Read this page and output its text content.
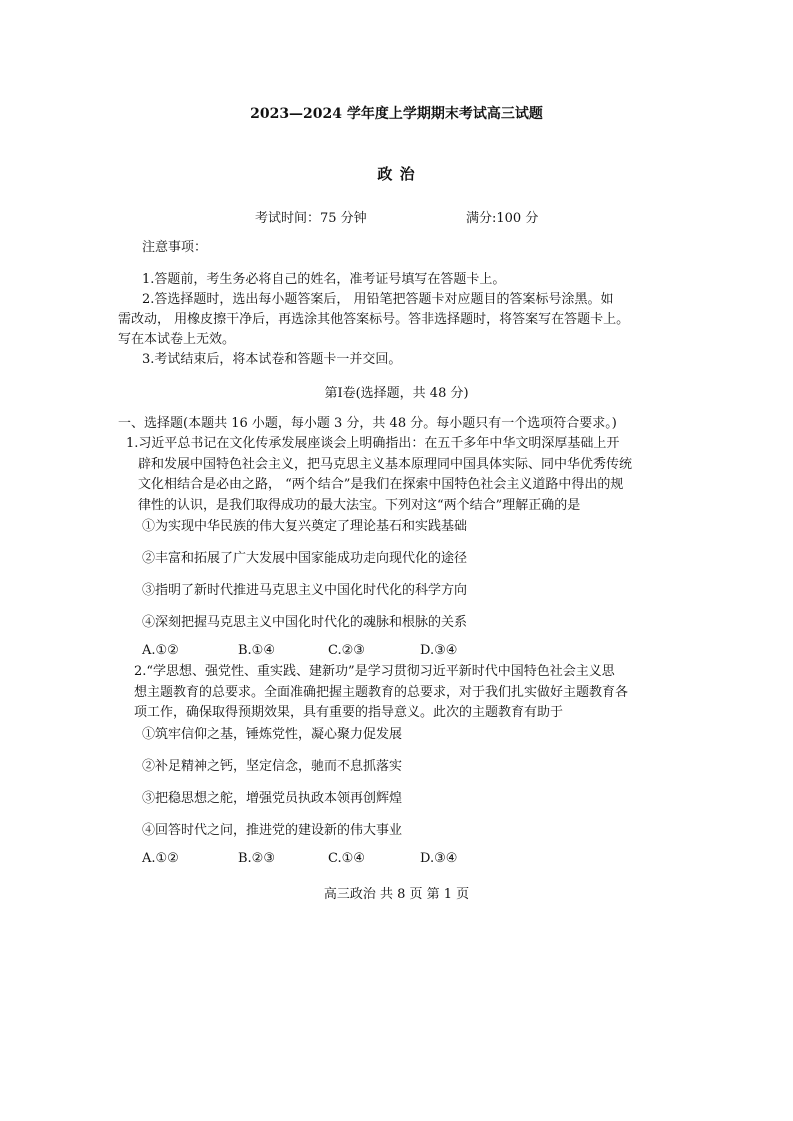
2023—2024 学年度上学期期末考试高三试题
政 治
考试时间：75 分钟	满分:100 分
注意事项：
1.答题前，考生务必将自己的姓名，准考证号填写在答题卡上。
2.答选择题时，选出每小题答案后， 用铅笔把答题卡对应题目的答案标号涂黑。如
需改动， 用橡皮擦干净后，再选涂其他答案标号。答非选择题时，将答案写在答题卡上。
写在本试卷上无效。
3.考试结束后，将本试卷和答题卡一并交回。
第Ⅰ卷(选择题，共 48 分)
一、选择题(本题共 16 小题，每小题 3 分，共 48 分。每小题只有一个选项符合要求。)
1.习近平总书记在文化传承发展座谈会上明确指出：在五千多年中华文明深厚基础上开
辟和发展中国特色社会主义，把马克思主义基本原理同中国具体实际、同中华优秀传统
文化相结合是必由之路， “两个结合”是我们在探索中国特色社会主义道路中得出的规
律性的认识，是我们取得成功的最大法宝。下列对这“两个结合”理解正确的是
①为实现中华民族的伟大复兴奠定了理论基石和实践基础
②丰富和拓展了广大发展中国家能成功走向现代化的途径
③指明了新时代推进马克思主义中国化时代化的科学方向
④深刻把握马克思主义中国化时代化的魂脉和根脉的关系
A.①②	B.①④	C.②③	D.③④
2.“学思想、强党性、重实践、建新功”是学习贯彻习近平新时代中国特色社会主义思
想主题教育的总要求。全面准确把握主题教育的总要求，对于我们扎实做好主题教育各
项工作，确保取得预期效果，具有重要的指导意义。此次的主题教育有助于
①筑牢信仰之基，锤炼党性，凝心聚力促发展
②补足精神之钙，坚定信念，驰而不息抓落实
③把稳思想之舵，增强党员执政本领再创辉煌
④回答时代之问，推进党的建设新的伟大事业
A.①②	B.②③	C.①④	D.③④
高三政治 共 8 页 第 1 页
